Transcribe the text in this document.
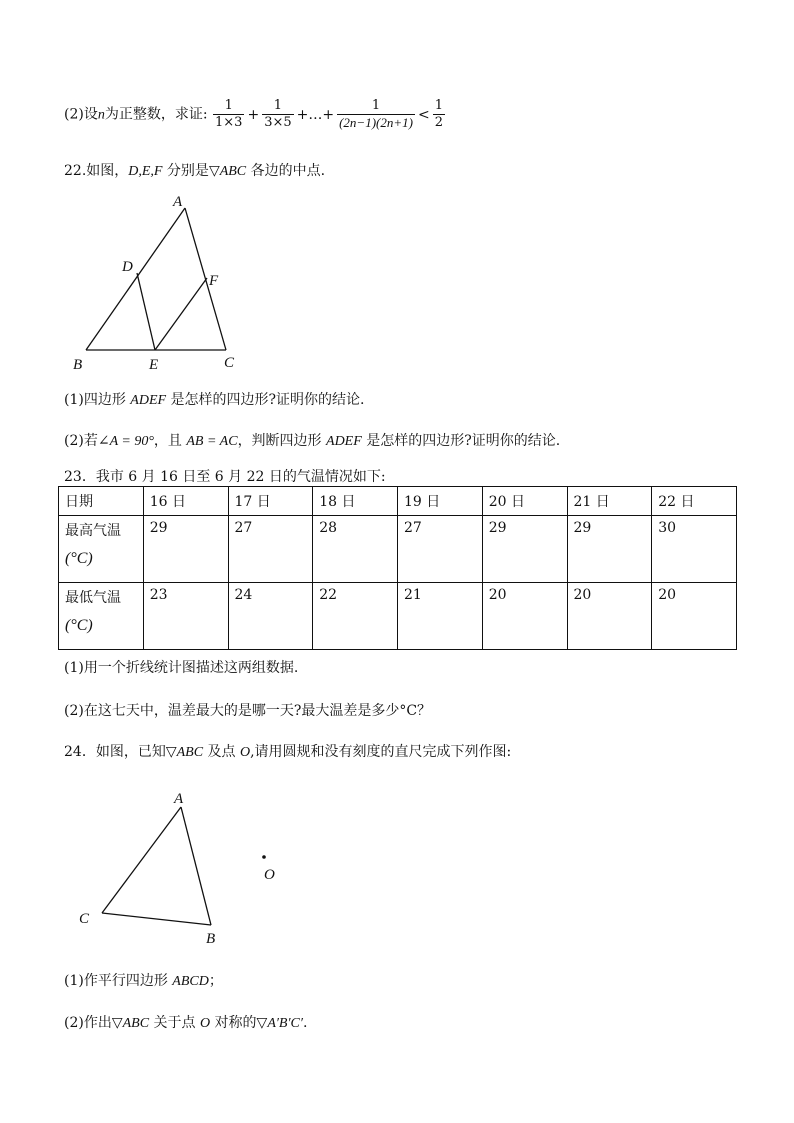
(2)设n为正整数，求证: $\frac{1}{1\times 3} + \frac{1}{3\times 5}$ +…+ $\frac{1}{(2n-1)(2n+1)} < \frac{1}{2}$
22.如图，D,E,F 分别是▽ABC 各边的中点.
A
D
F
B	E	C
(1)四边形 ADEF 是怎样的四边形?证明你的结论.
(2)若∠A = 90°，且 AB = AC，判断四边形 ADEF 是怎样的四边形?证明你的结论.
23．我市 6 月 16 日至 6 月 22 日的气温情况如下:
日期	16 日	17 日	18 日	19 日	20 日	21 日	22 日
最高气温
(°C)	29	27	28	27	29	29	30
最低气温
(°C)	23	24	22	21	20	20	20
(1)用一个折线统计图描述这两组数据.
(2)在这七天中，温差最大的是哪一天?最大温差是多少°C？
24．如图，已知▽ABC 及点 O,请用圆规和没有刻度的直尺完成下列作图:
A
C
B
O
(1)作平行四边形 ABCD；
(2)作出▽ABC 关于点 O 对称的▽A′B′C′.
